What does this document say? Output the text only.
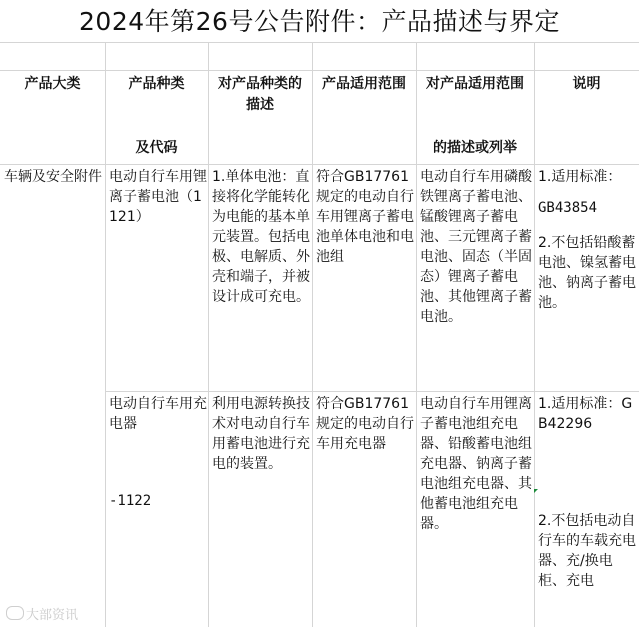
2024年第26号公告附件：产品描述与界定
产品大类	产品种类
及代码
对产品种类的描述
产品适用范围	对产品适用范围
的描述或列举
说明
车辆及安全附件 电动自行车用锂离子蓄电池（1121）
1.单体电池：直接将化学能转化为电能的基本单元装置。包括电极、电解质、外壳和端子，并被设计成可充电。
符合GB17761规定的电动自行车用锂离子蓄电池单体电池和电池组
电动自行车用磷酸铁锂离子蓄电池、锰酸锂离子蓄电池、三元锂离子蓄电池、固态（半固态）锂离子蓄电池、其他锂离子蓄电池。
1.适用标准：
GB43854
2.不包括铅酸蓄电池、镍氢蓄电池、钠离子蓄电池。
电动自行车用充电器
-1122
利用电源转换技术对电动自行车用蓄电池进行充电的装置。
符合GB17761规定的电动自行车用充电器
电动自行车用锂离子蓄电池组充电器、铅酸蓄电池组充电器、钠离子蓄电池组充电器、其他蓄电池组充电器。
1.适用标准：GB42296
2.不包括电动自行车的车载充电器、充/换电柜、充电
大部资讯
